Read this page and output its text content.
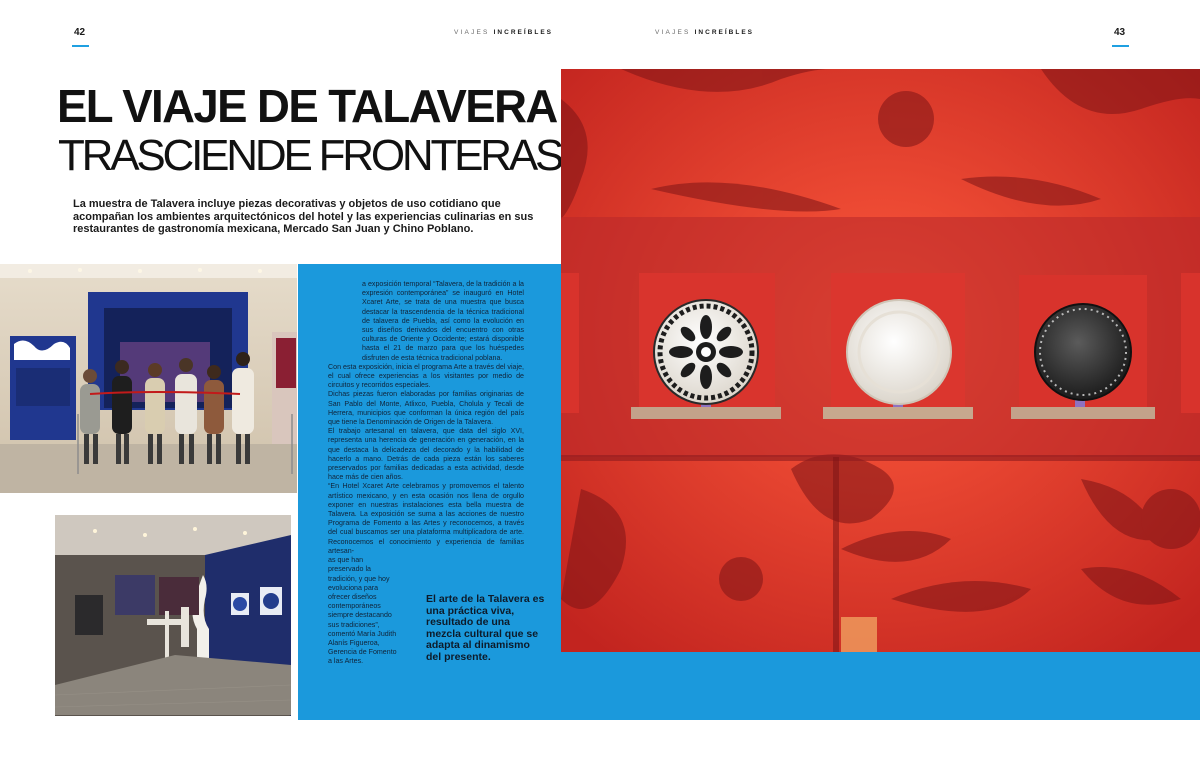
42	43
VIAJES INCREÍBLES	VIAJES INCREÍBLES
EL VIAJE DE TALAVERA
TRASCIENDE FRONTERAS

La muestra de Talavera incluye piezas decorativas y objetos de uso cotidiano que acompañan los ambientes arquitectónicos del hotel y las experiencias culinarias en sus restaurantes de gastronomía mexicana, Mercado San Juan y Chino Poblano.

a exposición temporal “Talavera, de la tradición a la expresión contemporánea” se inauguró en Hotel Xcaret Arte, se trata de una muestra que busca destacar la trascendencia de la técnica tradicional de talavera de Puebla, así como la evolución en sus diseños derivados del encuentro con otras culturas de Oriente y Occidente; estará disponible hasta el 21 de marzo para que los huéspedes disfruten de esta técnica tradicional poblana.

Con esta exposición, inicia el programa Arte a través del viaje, el cual ofrece experiencias a los visitantes por medio de circuitos y recorridos especiales.

Dichas piezas fueron elaboradas por familias originarias de San Pablo del Monte, Atlixco, Puebla, Cholula y Tecali de Herrera, municipios que conforman la única región del país que tiene la Denominación de Origen de la Talavera.

El trabajo artesanal en talavera, que data del siglo XVI, representa una herencia de generación en generación, en la que destaca la delicadeza del decorado y la habilidad de hacerlo a mano. Detrás de cada pieza están los saberes preservados por familias dedicadas a esta actividad, desde hace más de cien años.

“En Hotel Xcaret Arte celebramos y promovemos el talento artístico mexicano, y en esta ocasión nos llena de orgullo exponer en nuestras instalaciones esta bella muestra de Talavera. La exposición se suma a las acciones de nuestro Programa de Fomento a las Artes y reconocemos, a través del cual buscamos ser una plataforma multiplicadora de arte. Reconocemos el conocimiento y experiencia de familias artesan-

as que han preservado la tradición, y que hoy evoluciona para ofrecer diseños contemporáneos siempre destacando sus tradiciones”, comentó María Judith Alanís Figueroa, Gerencia de Fomento a las Artes.

El arte de la Talavera es una práctica viva, resultado de una mezcla cultural que se adapta al dinamismo del presente.
